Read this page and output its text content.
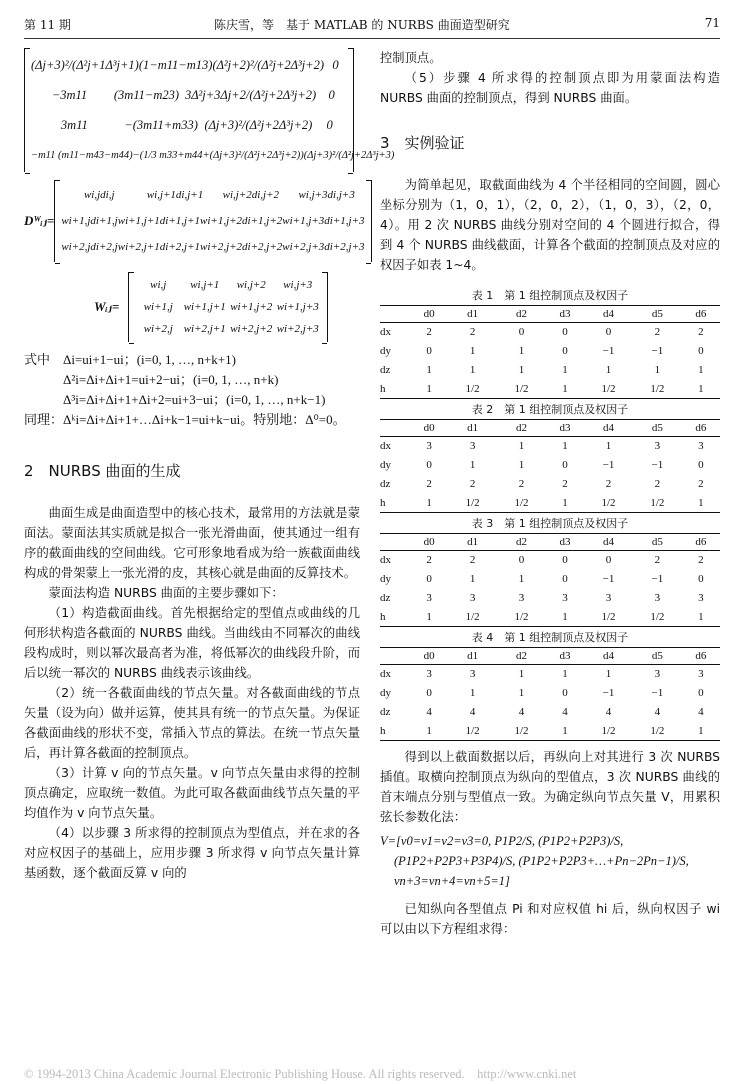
第 11 期	陈庆雪，等　基于 MATLAB 的 NURBS 曲面造型研究	71
(Δj+3)²/(Δ²j+1Δ³j+1) (1−m11−m13) (Δ²j+2)²/(Δ²j+2Δ³j+2) 0
−3m11	(3m11−m23) 3Δ²j+3Δj+2/(Δ²j+2Δ³j+2) 0
3m11	−(3m11+m33) (Δj+3)²/(Δ²j+2Δ³j+2)	0
−m11 (m11−m43−m44) −(1/3 m33+m44+(Δj+3)²/(Δ²j+2Δ³j+2)) (Δj+3)²/(Δ²j+2Δ³j+3)
Dᵂᵢⱼ=
wi,jdi,j	wi,j+1di,j+1	wi,j+2di,j+2	wi,j+3di,j+3
wi+1,jdi+1,j wi+1,j+1di+1,j+1 wi+1,j+2di+1,j+2 wi+1,j+3di+1,j+3
wi+2,jdi+2,j wi+2,j+1di+2,j+1 wi+2,j+2di+2,j+2 wi+2,j+3di+2,j+3
Wᵢⱼ=
wi,j	wi,j+1	wi,j+2	wi,j+3
wi+1,j wi+1,j+1 wi+1,j+2 wi+1,j+3
wi+2,j wi+2,j+1 wi+2,j+2 wi+2,j+3
式中　Δi=ui+1−ui；(i=0, 1, …, n+k+1)
　　　Δ²i=Δi+Δi+1=ui+2−ui；(i=0, 1, …, n+k)
　　　Δ³i=Δi+Δi+1+Δi+2=ui+3−ui；(i=0, 1, …, n+k−1)
同理：Δᵏi=Δi+Δi+1+…Δi+k−1=ui+k−ui。特别地：Δ⁰=0。
2　NURBS 曲面的生成

曲面生成是曲面造型中的核心技术，最常用的方法就是蒙面法。蒙面法其实质就是拟合一张光滑曲面，使其通过一组有序的截面曲线的空间曲线。它可形象地看成为给一族截面曲线构成的骨架蒙上一张光滑的皮，其核心就是曲面的反算技术。

蒙面法构造 NURBS 曲面的主要步骤如下：

（1）构造截面曲线。首先根据给定的型值点或曲线的几何形状构造各截面的 NURBS 曲线。当曲线由不同幂次的曲线段构成时，则以幂次最高者为准，将低幂次的曲线段升阶，而后以统一幂次的 NURBS 曲线表示该曲线。

（2）统一各截面曲线的节点矢量。对各截面曲线的节点矢量（设为向）做并运算，使其具有统一的节点矢量。为保证各截面曲线的形状不变，常插入节点的算法。在统一节点矢量后，再计算各截面的控制顶点。

（3）计算 v 向的节点矢量。v 向节点矢量由求得的控制顶点确定，应取统一数值。为此可取各截面曲线节点矢量的平均值作为 v 向节点矢量。

（4）以步骤 3 所求得的控制顶点为型值点，并在求的各对应权因子的基础上，应用步骤 3 所求得 v 向节点矢量计算基函数，逐个截面反算 v 向的

控制顶点。

（5）步骤 4 所求得的控制顶点即为用蒙面法构造 NURBS 曲面的控制顶点，得到 NURBS 曲面。

3　实例验证

为简单起见，取截面曲线为 4 个半径相同的空间圆，圆心坐标分别为（1，0，1），（2，0，2），（1，0，3），（2，0，4）。用 2 次 NURBS 曲线分别对空间的 4 个圆进行拟合，得到 4 个 NURBS 曲线截面，计算各个截面的控制顶点及对应的权因子如表 1~4。

表 1　第 1 组控制顶点及权因子
	d0	d1	d2	d3	d4	d5	d6
dx	2	2	0	0	0	2	2
dy	0	1	1	0	−1	−1	0
dz	1	1	1	1	1	1	1
h	1	1/2	1/2	1	1/2	1/2	1
表 2　第 1 组控制顶点及权因子
	d0	d1	d2	d3	d4	d5	d6
dx	3	3	1	1	1	3	3
dy	0	1	1	0	−1	−1	0
dz	2	2	2	2	2	2	2
h	1	1/2	1/2	1	1/2	1/2	1
表 3　第 1 组控制顶点及权因子
	d0	d1	d2	d3	d4	d5	d6
dx	2	2	0	0	0	2	2
dy	0	1	1	0	−1	−1	0
dz	3	3	3	3	3	3	3
h	1	1/2	1/2	1	1/2	1/2	1
表 4　第 1 组控制顶点及权因子
	d0	d1	d2	d3	d4	d5	d6
dx	3	3	1	1	1	3	3
dy	0	1	1	0	−1	−1	0
dz	4	4	4	4	4	4	4
h	1	1/2	1/2	1	1/2	1/2	1

得到以上截面数据以后，再纵向上对其进行 3 次 NURBS 插值。取横向控制顶点为纵向的型值点，3 次 NURBS 曲线的首末端点分别与型值点一致。为确定纵向节点矢量 V，用累积弦长参数化法：

V=[v0=v1=v2=v3=0, P1P2/S, (P1P2+P2P3)/S,
(P1P2+P2P3+P3P4)/S, (P1P2+P2P3+…+Pn−2Pn−1)/S,
vn+3=vn+4=vn+5=1]

已知纵向各型值点 Pi 和对应权值 hi 后，纵向权因子 wi 可以由以下方程组求得：

© 1994-2013 China Academic Journal Electronic Publishing House. All rights reserved.　http://www.cnki.net
